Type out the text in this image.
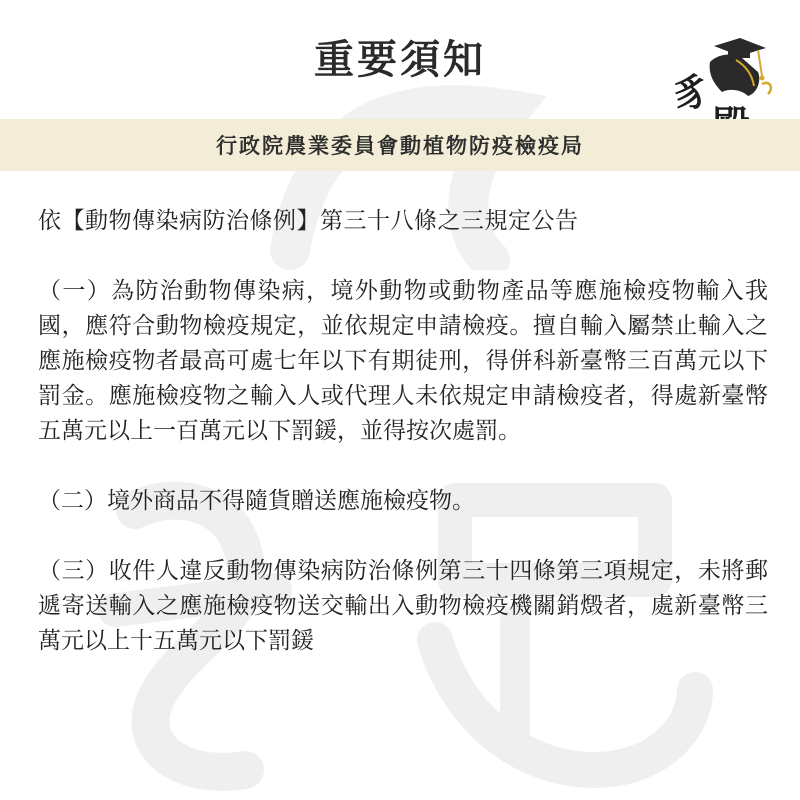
重要須知
豸
行政院農業委員會動植物防疫檢疫局

依【動物傳染病防治條例】第三十八條之三規定公告

（一）為防治動物傳染病，境外動物或動物產品等應施檢疫物輸入我國，應符合動物檢疫規定，並依規定申請檢疫。擅自輸入屬禁止輸入之應施檢疫物者最高可處七年以下有期徒刑，得併科新臺幣三百萬元以下罰金。應施檢疫物之輸入人或代理人未依規定申請檢疫者，得處新臺幣五萬元以上一百萬元以下罰鍰，並得按次處罰。

（二）境外商品不得隨貨贈送應施檢疫物。

（三）收件人違反動物傳染病防治條例第三十四條第三項規定，未將郵遞寄送輸入之應施檢疫物送交輸出入動物檢疫機關銷燬者，處新臺幣三萬元以上十五萬元以下罰鍰
